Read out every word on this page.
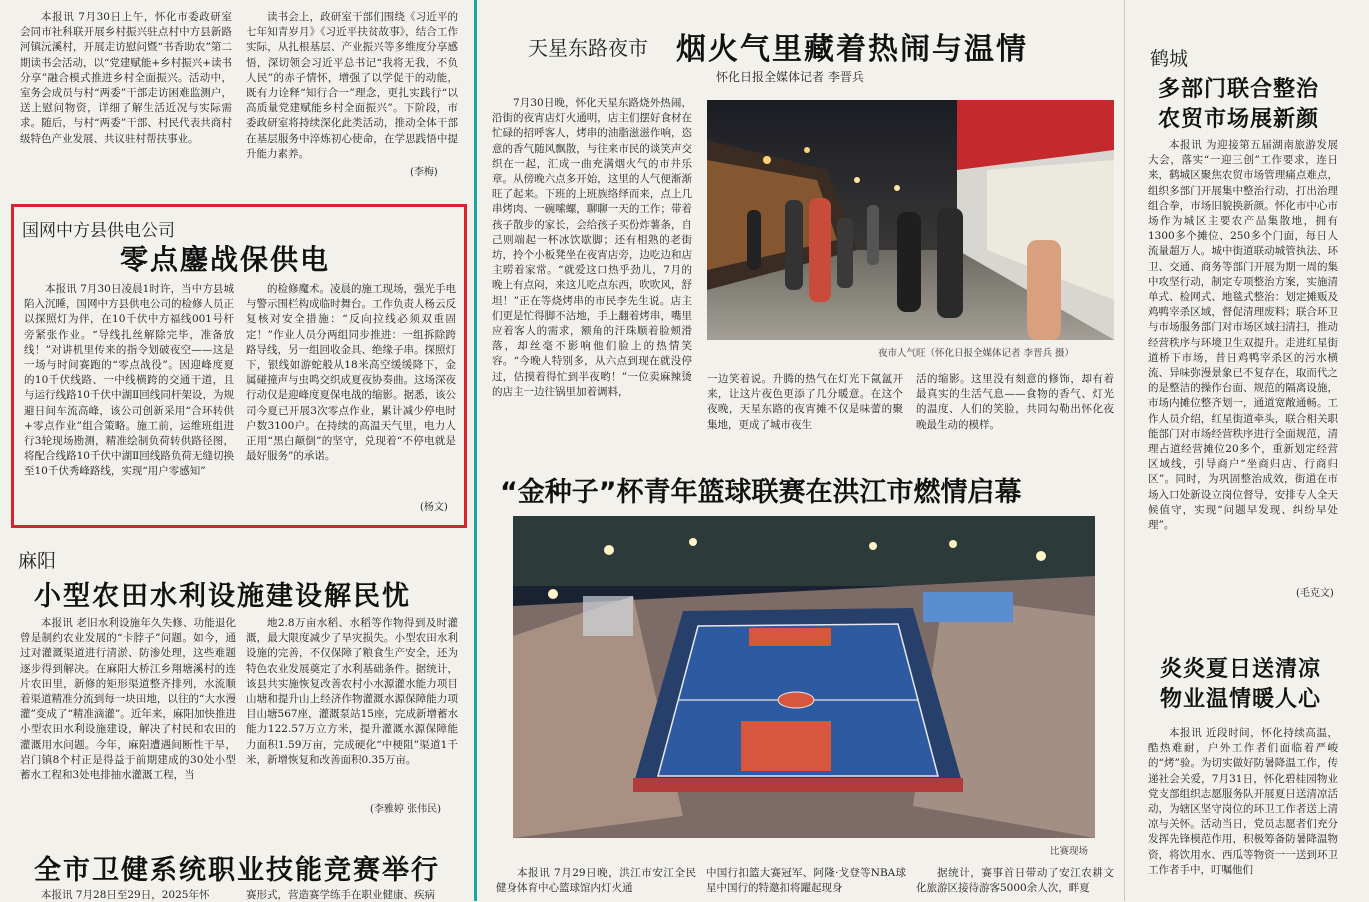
本报讯 7月30日上午，怀化市委政研室会同市社科联开展乡村振兴驻点村中方县新路河镇沅溪村，开展走访慰问暨“书香助农”第二期读书会活动，以“党建赋能+乡村振兴+读书分享”融合模式推进乡村全面振兴。活动中，室务会成员与村“两委”干部走访困难监测户，送上慰问物资，详细了解生活近况与实际需求。随后，与村“两委”干部、村民代表共商村级特色产业发展、共议驻村帮扶事业。

读书会上，政研室干部们围绕《习近平的七年知青岁月》《习近平扶贫故事》，结合工作实际，从扎根基层、产业振兴等多维度分享感悟，深切领会习近平总书记“我将无我，不负人民”的赤子情怀，增强了以学促干的动能，既有力诠释“知行合一”理念，更扎实践行“以高质量党建赋能乡村全面振兴”。下阶段，市委政研室将持续深化此类活动，推动全体干部在基层服务中淬炼初心使命，在学思践悟中提升能力素养。

(李梅)
国网中方县供电公司
零点鏖战保供电

本报讯 7月30日凌晨1时许，当中方县城陷入沉睡，国网中方县供电公司的检修人员正以探照灯为伴，在10千伏中方福线001号杆旁紧张作业。“导线扎丝解除完毕，准备放线！”对讲机里传来的指令划破夜空——这是一场与时间赛跑的“零点战役”。因迎峰度夏的10千伏线路、一中线横跨的交通干道，且与运行线路10千伏中湖Ⅱ回线同杆架设，为规避日间车流高峰，该公司创新采用“合环转供+零点作业”组合策略。施工前，运维班组进行3轮现场勘测，精准绘制负荷转供路径图，将配合线路10千伏中湖Ⅱ回线路负荷无缝切换至10千伏秀峰路线，实现“用户零感知”

的检修魔术。凌晨的施工现场，强光手电与警示围栏构成临时舞台。工作负责人杨云反复核对安全措施：“反向拉线必须双重固定！”作业人员分两组同步推进：一组拆除跨路导线，另一组回收金具、绝缘子串。探照灯下，银线如游蛇般从18米高空缓缓降下，金属碰撞声与虫鸣交织成夏夜协奏曲。这场深夜行动仅是迎峰度夏保电战的缩影。据悉，该公司今夏已开展3次零点作业，累计减少停电时户数3100户。在持续的高温天气里，电力人正用“黑白颠倒”的坚守，兑现着“不停电就是最好服务”的承诺。

(杨文)
麻阳
小型农田水利设施建设解民忧

本报讯 老旧水利设施年久失修、功能退化曾是制约农业发展的“卡脖子”问题。如今，通过对灌溉渠道进行清淤、防渗处理，这些难题逐步得到解决。在麻阳大桥江乡翔塘溪村的连片农田里，新修的矩形渠道整齐排列，水流顺着渠道精准分流到每一块田地，以往的“大水漫灌”变成了“精准滴灌”。近年来，麻阳加快推进小型农田水利设施建设，解决了村民和农田的灌溉用水问题。今年，麻阳遭遇间断性干旱，岩门镇8个村正是得益于前期建成的30处小型蓄水工程和3处电排抽水灌溉工程，当

地2.8万亩水稻、水稻等作物得到及时灌溉，最大限度减少了旱灾损失。小型农田水利设施的完善，不仅保障了粮食生产安全，还为特色农业发展奠定了水利基础条件。据统计，该县共实施恢复改善农村小水源灌水能力项目山塘和提升山上经济作物灌溉水源保障能力项目山塘567座，灌溉泵站15座，完成新增蓄水能力122.57万立方米，提升灌溉水源保障能力面积1.59万亩，完成硬化“中梗阻”渠道1千米，新增恢复和改善面积0.35万亩。

(李雅婷 张伟民)
全市卫健系统职业技能竞赛举行

本报讯 7月28日至29日，2025年怀	赛形式，营造赛学练手在职业健康、疾病

天星东路夜市 烟火气里藏着热闹与温情
怀化日报全媒体记者 李晋兵

7月30日晚，怀化天星东路烧外热闹，沿街的夜宵店灯火通明，店主们摆好食材在忙碌的招呼客人，烤串的油脂滋滋作响，恣意的香气随风飘散，与往来市民的谈笑声交织在一起，汇成一曲充满烟火气的市井乐章。从傍晚六点多开始，这里的人气便渐渐旺了起来。下班的上班族络绎而来，点上几串烤肉、一碗嗦螺，聊聊一天的工作；带着孩子散步的家长，会给孩子买份炸薯条，自己则端起一杯冰饮歇脚；还有相熟的老街坊，拎个小板凳坐在夜宵店旁，边吃边和店主唠着家常。“就爱这口热乎劲儿，7月的晚上有点闷，来这儿吃点东西，吹吹风，舒坦！”正在等烧烤串的市民李先生说。店主们更是忙得脚不沾地，手上翻着烤串，嘴里应着客人的需求，额角的汗珠顺着脸颊滑落，却丝毫不影响他们脸上的热情笑容。“今晚人特别多，从六点到现在就没停过，估摸着得忙到半夜哟！”一位卖麻辣烫的店主一边往锅里加着调料，

夜市人气旺（怀化日报全媒体记者 李晋兵 摄）

一边笑着说。升腾的热气在灯光下氤氲开来，让这片夜色更添了几分暖意。在这个夜晚，天星东路的夜宵摊不仅是味蕾的聚集地，更成了城市夜生

活的缩影。这里没有刻意的修饰，却有着最真实的生活气息——食物的香气、灯光的温度、人们的笑脸，共同勾勒出怀化夜晚最生动的模样。

“金种子”杯青年篮球联赛在洪江市燃情启幕
比赛现场

本报讯 7月29日晚，洪江市安江全民健身体育中心篮球馆内灯火通

中国行扣篮大赛冠军、阿隆·戈登等NBA球星中国行的特邀扣将躍起现身

据统计，赛事首日带动了安江农耕文化旅游区接待游客5000余人次，畔夏

鹤城
多部门联合整治
农贸市场展新颜

本报讯 为迎接第五届湖南旅游发展大会，落实“一迎三创”工作要求，连日来，鹤城区聚焦农贸市场管理痛点难点，组织多部门开展集中整治行动，打出治理组合拳，市场旧貌换新颜。怀化市中心市场作为城区主要农产品集散地，拥有1300多个摊位、250多个门面，每日人流量超万人。城中街道联动城管执法、环卫、交通、商务等部门开展为期一周的集中攻坚行动，制定专项整治方案，实施清单式、检网式、地毯式整治：划定摊贩及鸡鸭宰杀区域，督促清理废料；联合环卫与市场服务部门对市场区域扫清扫，推动经营秩序与环境卫生双提升。走进红星街道桥下市场，昔日鸡鸭宰杀区的污水横流、异味弥漫景象已不复存在，取而代之的是整洁的操作台面、规范的隔离设施，市场内摊位整齐划一，通道宽敞通畅。工作人员介绍，红星街道牵头，联合相关职能部门对市场经营秩序进行全面规范，清理占道经营摊位20多个，重新划定经营区域线，引导商户“坐商归店、行商归区”。同时，为巩固整治成效，街道在市场入口处新设立岗位督导，安排专人全天候值守，实现“问题早发现、纠纷早处理”。

(毛克文)
炎炎夏日送清凉
物业温情暖人心

本报讯 近段时间，怀化持续高温，酷热难耐，户外工作者们面临着严峻的“烤”验。为切实做好防暑降温工作，传递社会关爱，7月31日，怀化碧桂园物业党支部组织志愿服务队开展夏日送清凉活动，为辖区坚守岗位的环卫工作者送上清凉与关怀。活动当日，党员志愿者们充分发挥先锋模范作用，积极筹备防暑降温物资，将饮用水、西瓜等物资一一送到环卫工作者手中，叮嘱他们
